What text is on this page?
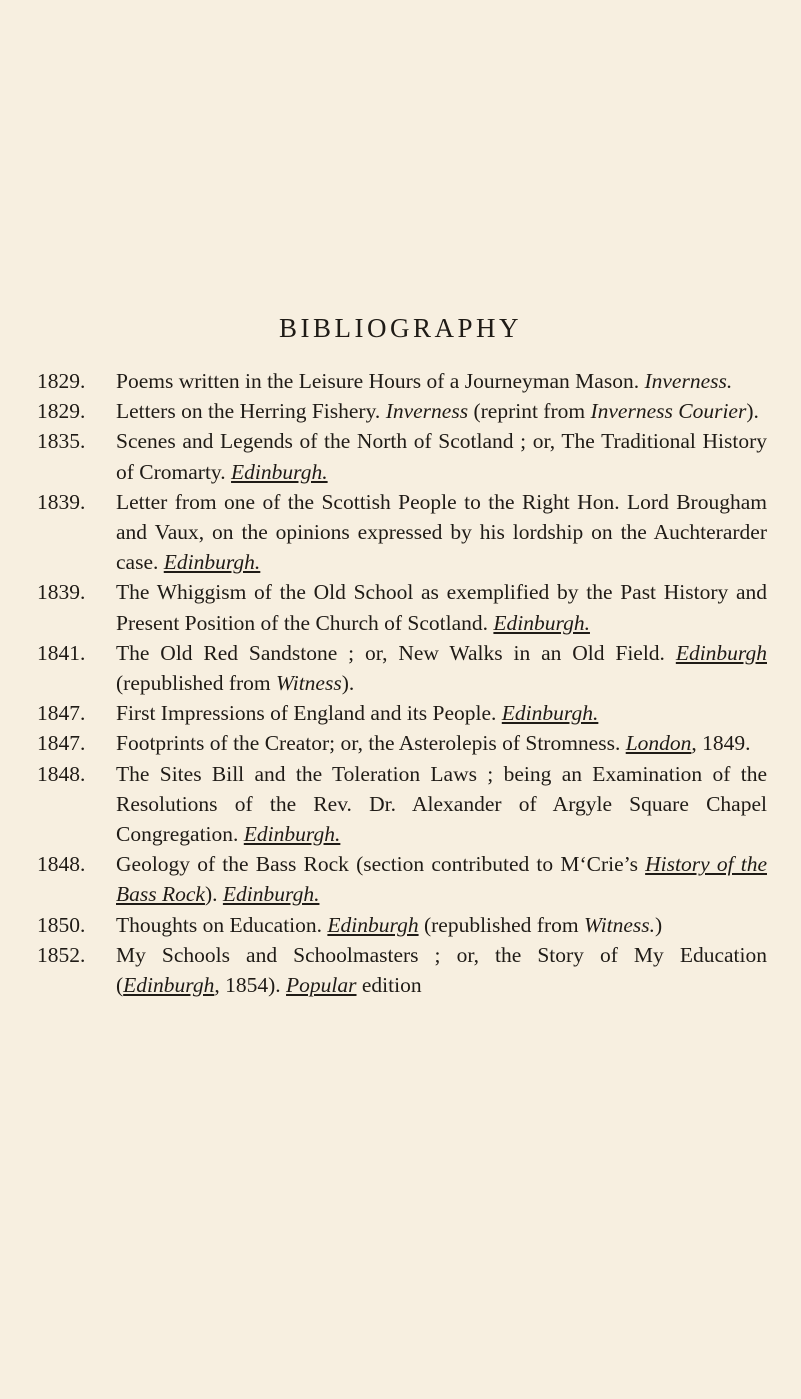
BIBLIOGRAPHY
1829.	Poems written in the Leisure Hours of a Journeyman Mason. Inverness.
1829.	Letters on the Herring Fishery. Inverness (reprint from Inverness Courier).
1835.	Scenes and Legends of the North of Scotland ; or, The Traditional History of Cromarty. Edinburgh.
1839.	Letter from one of the Scottish People to the Right Hon. Lord Brougham and Vaux, on the opinions expressed by his lordship on the Auchterarder case. Edinburgh.
1839.	The Whiggism of the Old School as exemplified by the Past History and Present Position of the Church of Scotland. Edinburgh.
1841.	The Old Red Sandstone ; or, New Walks in an Old Field. Edinburgh (republished from Witness).
1847.	First Impressions of England and its People. Edinburgh.
1847.	Footprints of the Creator; or, the Asterolepis of Stromness. London, 1849.
1848.	The Sites Bill and the Toleration Laws ; being an Examination of the Resolutions of the Rev. Dr. Alexander of Argyle Square Chapel Congregation. Edinburgh.
1848.	Geology of the Bass Rock (section contributed to M‘Crie’s History of the Bass Rock). Edinburgh.
1850.	Thoughts on Education. Edinburgh (republished from Witness.)
1852.	My Schools and Schoolmasters ; or, the Story of My Education (Edinburgh, 1854). Popular edition
